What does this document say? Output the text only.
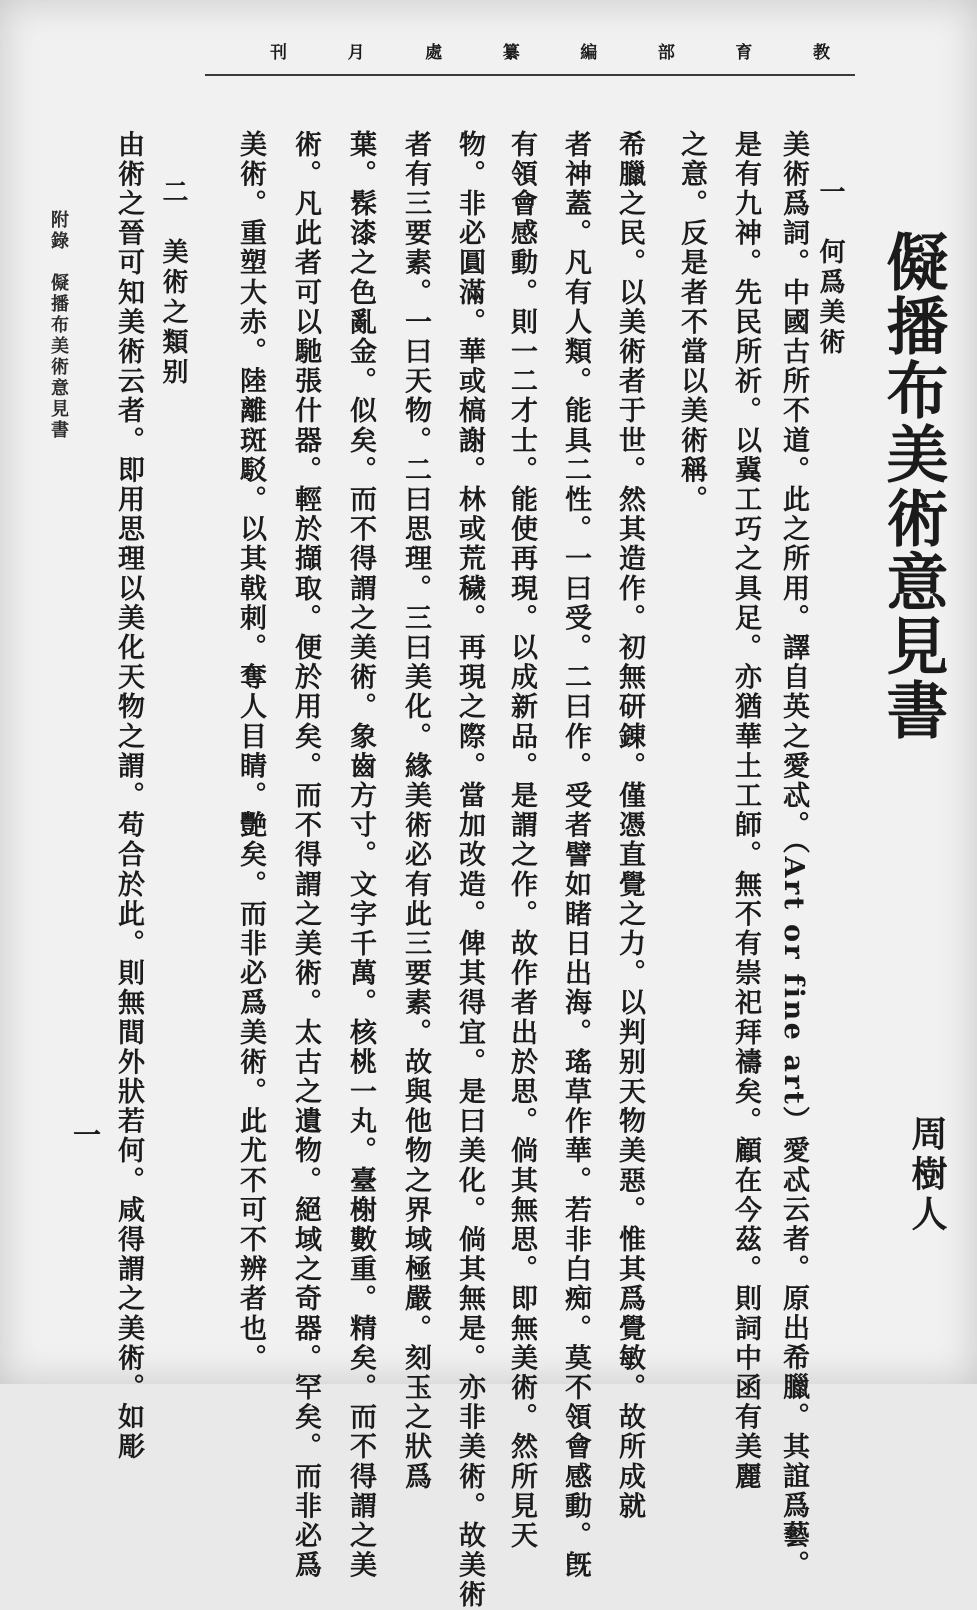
教
育
部
編
纂
處
月
刊
儗播布美術意見書
周樹人
一　何爲美術
美術爲詞。中國古所不道。此之所用。譯自英之愛忒。（Art or fine art）愛忒云者。原出希臘。其誼爲藝。
是有九神。先民所祈。以冀工巧之具足。亦猶華土工師。無不有崇祀拜禱矣。顧在今茲。則詞中函有美麗
之意。反是者不當以美術稱。
希臘之民。以美術者于世。然其造作。初無研錬。僅憑直覺之力。以判别天物美惡。惟其爲覺敏。故所成就
者神蓋。凡有人類。能具二性。一曰受。二曰作。受者譬如睹日出海。瑤草作華。若非白痴。莫不領會感動。旣
有領會感動。則一二才士。能使再現。以成新品。是謂之作。故作者出於思。倘其無思。即無美術。然所見天
物。非必圓滿。華或槁謝。林或荒穢。再現之際。當加改造。俾其得宜。是曰美化。倘其無是。亦非美術。故美術
者有三要素。一曰天物。二曰思理。三曰美化。緣美術必有此三要素。故與他物之界域極嚴。刻玉之狀爲
葉。髹漆之色亂金。似矣。而不得謂之美術。象齒方寸。文字千萬。核桃一丸。臺榭數重。精矣。而不得謂之美
術。凡此者可以馳張什器。輕於擷取。便於用矣。而不得謂之美術。太古之遺物。絕域之奇器。罕矣。而非必爲
美術。重塑大赤。陸離斑駁。以其戟刺。奪人目睛。艷矣。而非必爲美術。此尤不可不辨者也。
二　美術之類别
由術之晉可知美術云者。即用思理以美化天物之謂。苟合於此。則無間外狀若何。咸得謂之美術。如彫
附錄　儗播布美術意見書
一
